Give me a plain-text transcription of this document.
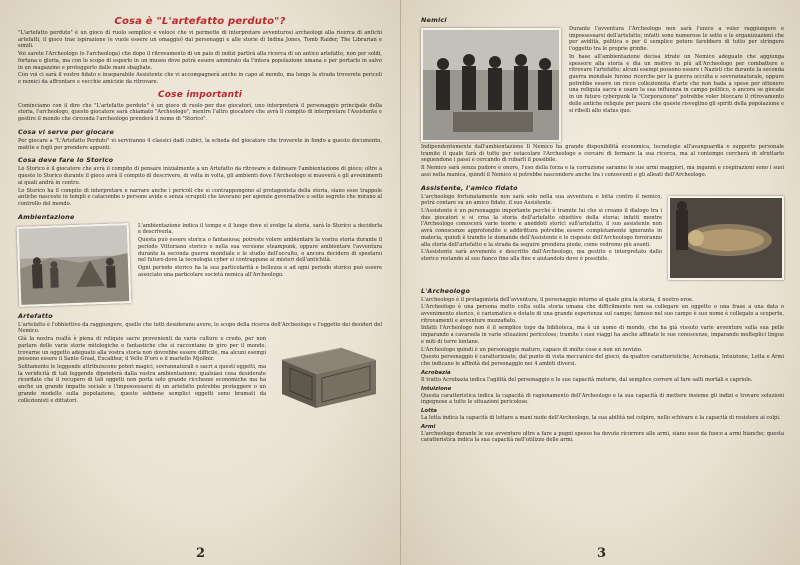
Cosa è "L'artefatto perduto"?

"L'artefatto perduto" è un gioco di ruolo semplice e veloce che vi permette di interpretare avventurosi archeologi alla ricerca di antichi artefatti, il gioco trae ispirazione (e vuole essere un omaggio) dai personaggi e alle storie di Indina Jones, Tomb Raider, The Librarian e simili.

Voi sarete l'Archeologo (o l'archeologa) che dopo il ritrovamento di un paio di indizi partirà alla ricerca di un antico artefatto, non per soldi, fortuna e gloria, ma con lo scopo di esporlo in un museo dove potrà essere ammirato da l'intera popolazione umana o per portarlo in salvo in un magazzino e proteggerlo dalle mani sbagliate.

Con voi ci sarà il vostro fidato e inseparabile Assistente che vi accompagnerà anche in capo al mondo, ma lungo la strada troverete pericoli e nemici da affrontare e vecchie amicizie da ritrovare.

Cose importanti

Cominciamo con il dire che "L'artefatto perduto" è un gioco di ruolo per due giocatori, uno interpreterà il personaggio principale della storia, l'archeologo, questo giocatore sarà chiamato "Archeologo", mentre l'altro giocatore che avrà il compito di interpretare l'Assistente e gestire il mondo che circonda l'archeologo prenderà il nome di "Storico".

Cosa vi serve per giocare

Per giocare a "L'Artefatto Perduto" vi serviranno 4 classici dadi cubici, la scheda del giocatore che troverete in fondo a questo documento, matite e fogli per prendere appunti.

Cosa deve fare lo Storico

Lo Storico è il giocatore che avrà il compito di pensare inizialmente a un Artefatto da ritrovare e delineare l'ambientazione di gioco; oltre a questo lo Storico durante il gioco avrà il compito di descrivere, di volta in volta, gli ambienti dove l'Archeologo si muoverà e gli avvenimenti ai quali andrà in contro.

Lo Storico ha il compito di interpretare e narrare anche i pericoli che si contrappongono al protagonista della storia, siano esse trappole antiche nascoste in templi e catacombe o persone avide e senza scrupoli che lavorano per agenzie governative o sette segrete che mirano al controllo del mondo.

Ambientazione

L'ambientazione indica il tempo e il luogo dove si svolge la storia, sarà lo Storico a deciderla e descriverla.

Questa può essere storica o fantasiosa; potreste volere ambientare la vostra storia durante il periodo Vittoriano storico o nella sua versione steampunk, oppure ambientare l'avventura durante la seconda guerra mondiale e le studio dell'occulto, o ancora decidere di spostarsi nel futuro dove la tecnologia cyber si contrappone ai misteri dell'antichità.

Ogni periodo storico ha la sua particolarità e bellezza e ad ogni periodo storico può essere associato una particolare società nemica all'Archeologo.

Artefatto

L'artefatto è l'obbiettivo da raggiungere, quello che tutti desiderano avere, lo scopo della ricerca dell'Archeologo e l'oggetto dei desideri del Nemico.

Già la nostra realtà è piena di reliquie sacre provenienti da varie culture e credo, per non parlare delle varie storie mitologiche e fantastiche che si raccontano in giro per il mondo. trovarne un oggetto adeguato alla vostra storia non dovrebbe essere difficile, ma alcuni esempi possono essere il Santo Graal, Excalibur, il Vello D'oro e il martello Mjollnir.

Solitamente le leggende attribuiscono poteri magici, sovrannaturali o sacri a questi oggetti, ma la veridicità di tali leggende dipenderà dalla vostra ambientazione; qualsiasi cosa desiderate ricordate che il recupero di tali oggetti non porta solo grande ricchezze economiche ma ha anche un grande impatto sociale e l'impossessarsi di un artefatto potrebbe proteggere o un grande modello sulla popolazione, questo sebbene semplici oggetti sono bramati da collezionisti e dittatori.

2
Nemici

Durante l'avventura l'Archeologo non sarà l'unico a voler raggiungere e impossessarsi dell'artefatto; infatti sono numerose le sette e le organizzazioni che per avidità, politica o per il semplice potere farebbero di tutto per stringere l'oggetto tra le proprie grinfie.

In base all'ambientazione decisa idrate un Nemico adeguato che aggiunga spessore alla storia e dia un motivo in più all'Archeologo per combattere e ritrovare l'artefatto; alcuni esempi possono essere i Nazisti che durante la seconda guerra mondiale furono ricerche per la guerra occulta e sovvrannaturale, oppure potrebbe essere un ricco collezionista d'arte che non bada a spese per ottenere una reliquia sacra e usare la sua influenza in campo politico, o ancora se giocate in un futuro cyberpunk la "Corporazione" potrebbe voler bloccare il ritrovamento delle antiche reliquie per paura che queste risveglino gli spiriti della popolazione e si ribelli allo status quo.

Indipendentemente dall'ambientazione Il Nemico ha grande disponibilità economica, tecnologie all'avanguardia e supporto personale tramite il quale farà di tutto per ostacolare l'Archeologo e cercare di fermare la sua ricerca, ma al contempo cercherà di sfruttarlo seguendone i passi e cercando di rubarli il possibile.

Il Nemico sarà senza pudore e onore, l'uso della forza e la corruzione saranno le sue armi maggiori, ma inganni e cospirazioni sono i suoi assi nella manica, quindi il Nemico si potrebbe nascondere anche tra i conoscenti e gli alleati dell'Archeologo.

Assistente, l'amico fidato

L'archeologo fortunatamente non sarà solo nella sua avventura e lotta contro il nemico, potrà contare su un amico fidato, il suo Assistente.

L'Assistente è un personaggio importante perché è tramite lui che si creano il dialogo tra i due giocatori e si crea la storia dell'artefatto obiettivo della storia; infatti mentre l'Archeologo conoscerà varie teorie e aneddoti storici sull'artefatto, il suo assistente non avrà conoscenze approfondite e addirittura potrebbe essere completamente ignorante in materia, quindi è tramite le domande dell'Assistente e le risposte dell'Archeologo forniranno alla storia dell'artefatto e la strada da seguire prendera piede, come vedremo più avanti.

L'Assistente sarà avvenente e descritto dall'Archeologo, ma gestito e interpretato dallo storico restando al suo fianco fino alla fine e aiutandolo dove è possibile.

L'Archeologo

L'archeologo è il protagonista dell'avventura, il personaggio intorno al quale gira la storia, il nostro eroe.

L'Archeologo è una persona molto colta sulla storia umana che difficilmente non sa collegare un oggetto o una frase a una data o avvenimento storico, è carismatico e dotato di una grande esperienza sul campo; famoso nel suo campo è suo nome è collegato a scoperte, ritrovamenti e avventure mozzafiato.

Infatti l'Archeologo non è il semplice topo da biblioteca, ma è un uomo di mondo, che ha già vissuto varie avventure sulla sua pelle imparando a cavarsela in varie situazioni pericolose; tramite i suoi viaggi ha anche affinato le sue conoscenze, imparando molteplici lingue e miti di terre lontane.

L'Archeologo quindi è un personaggio maturo, capace di molte cose e non un novizio.

Questo personaggio è caratterizzato, dal punto di vista meccanico del gioco, da quattro caratteristiche, Acrobazia, Intuizione, Lotta e Armi che indicano le affinità del personaggio nei 4 ambiti diversi.

Acrobazia

Il tratto Acrobazia indica l'agilità del personaggio e le sue capacità motorie, dal semplice correre al fare salti mortali e capriole.

Intuizione

Questa caratteristica indica la capacità di ragionamento dell'Archeologo e la sua capacità di mettere insieme gli indizi e trovare soluzioni ingegnose a tutte le situazioni pericolose.

Lotta

La lotta indica la capacità di lottare a mani nude dell'Archeologo, la sua abilità nel colpire, nello schivare e la capacità di resistere ai colpi.

Armi

L'archeologo durante le sue avventure oltre a fare a pugni spesso ha dovuto ricorrere alle armi, siano esse da fuoco a armi bianche; questa caratteristica indica la sua capacità nell'utilizzo delle armi.

3
